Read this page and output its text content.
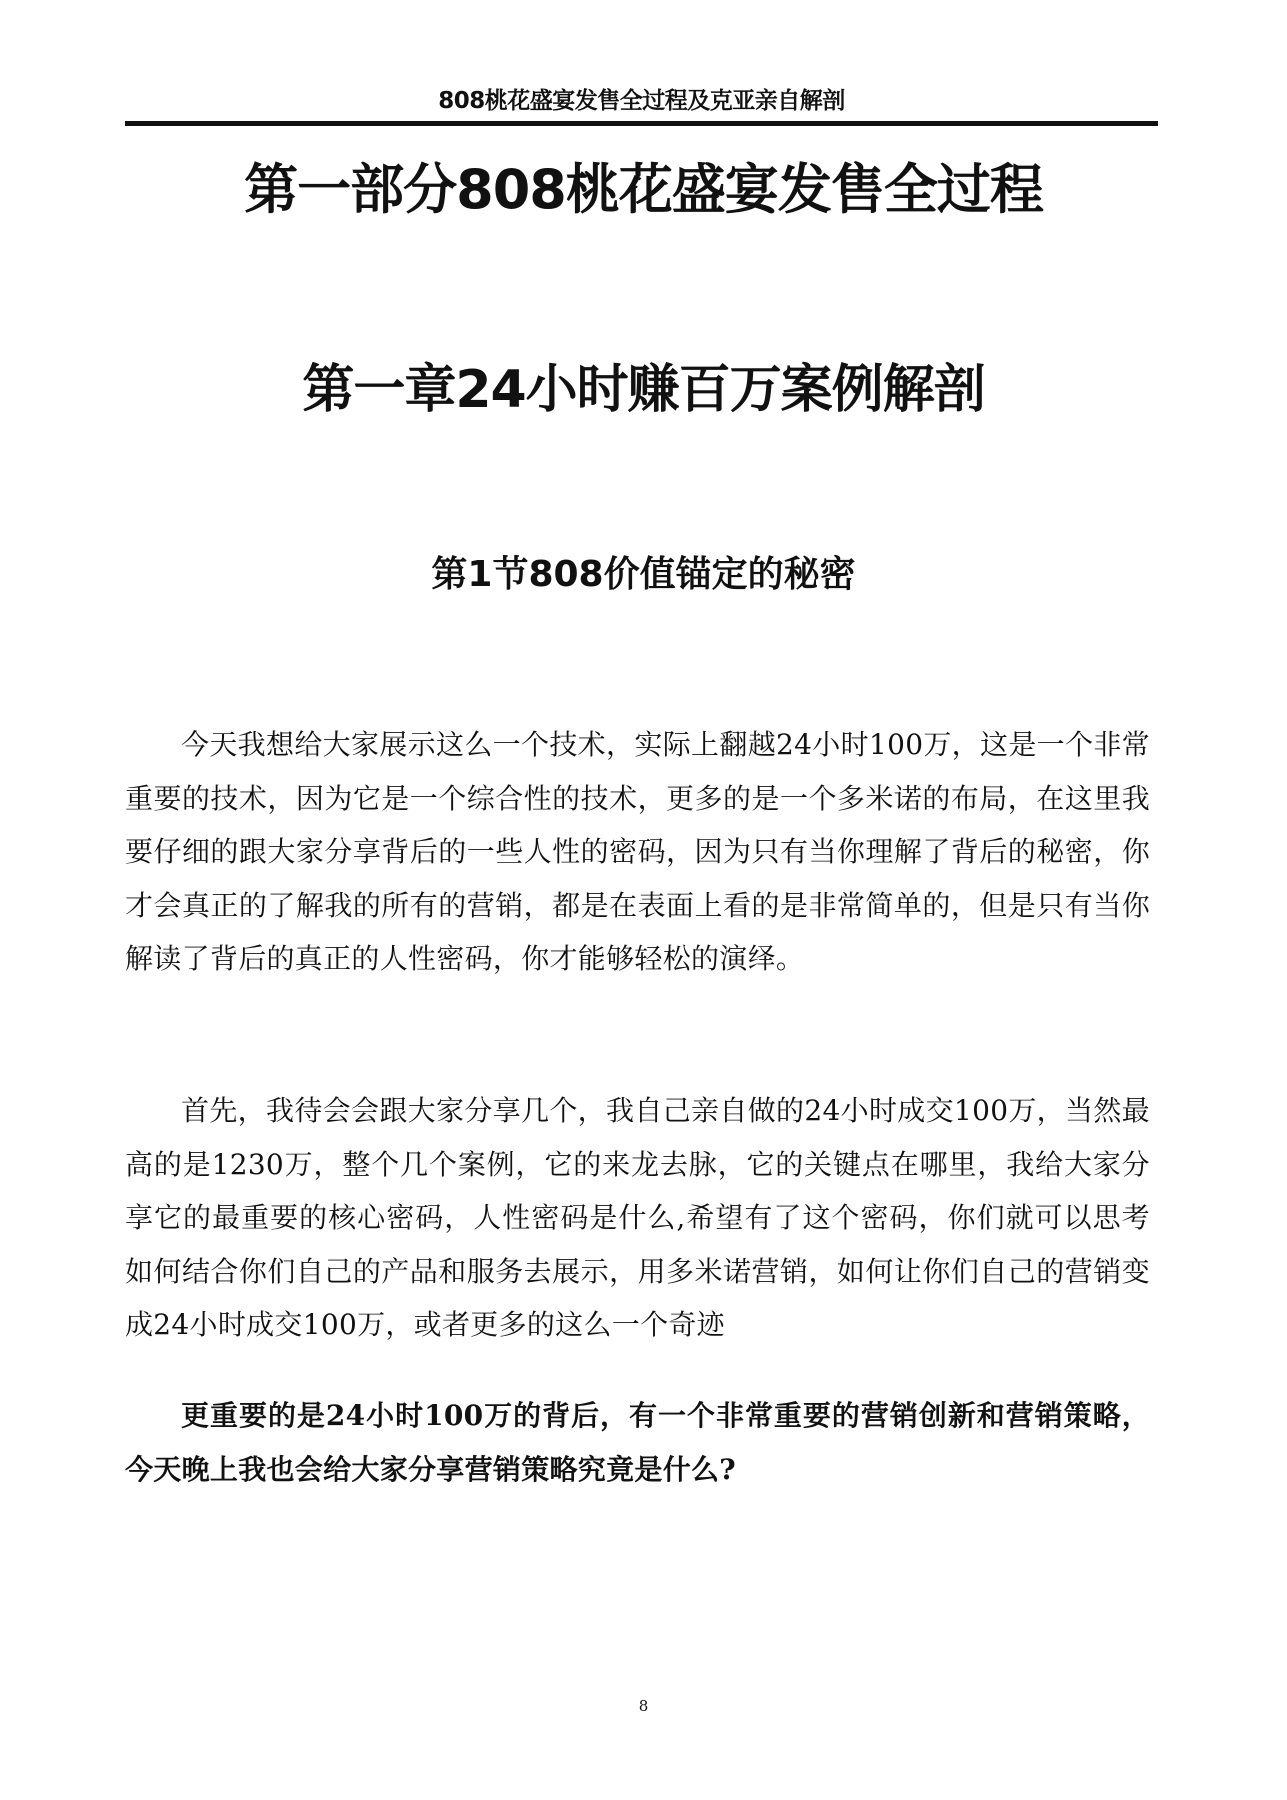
808桃花盛宴发售全过程及克亚亲自解剖
第一部分808桃花盛宴发售全过程
第一章24小时赚百万案例解剖
第1节808价值锚定的秘密

今天我想给大家展示这么一个技术，实际上翻越24小时100万，这是一个非常重要的技术，因为它是一个综合性的技术，更多的是一个多米诺的布局，在这里我要仔细的跟大家分享背后的一些人性的密码，因为只有当你理解了背后的秘密，你才会真正的了解我的所有的营销，都是在表面上看的是非常简单的，但是只有当你解读了背后的真正的人性密码，你才能够轻松的演绎。

首先，我待会会跟大家分享几个，我自己亲自做的24小时成交100万，当然最高的是1230万，整个几个案例，它的来龙去脉，它的关键点在哪里，我给大家分享它的最重要的核心密码，人性密码是什么,希望有了这个密码，你们就可以思考如何结合你们自己的产品和服务去展示，用多米诺营销，如何让你们自己的营销变成24小时成交100万，或者更多的这么一个奇迹

更重要的是24小时100万的背后，有一个非常重要的营销创新和营销策略，今天晚上我也会给大家分享营销策略究竟是什么?

8
